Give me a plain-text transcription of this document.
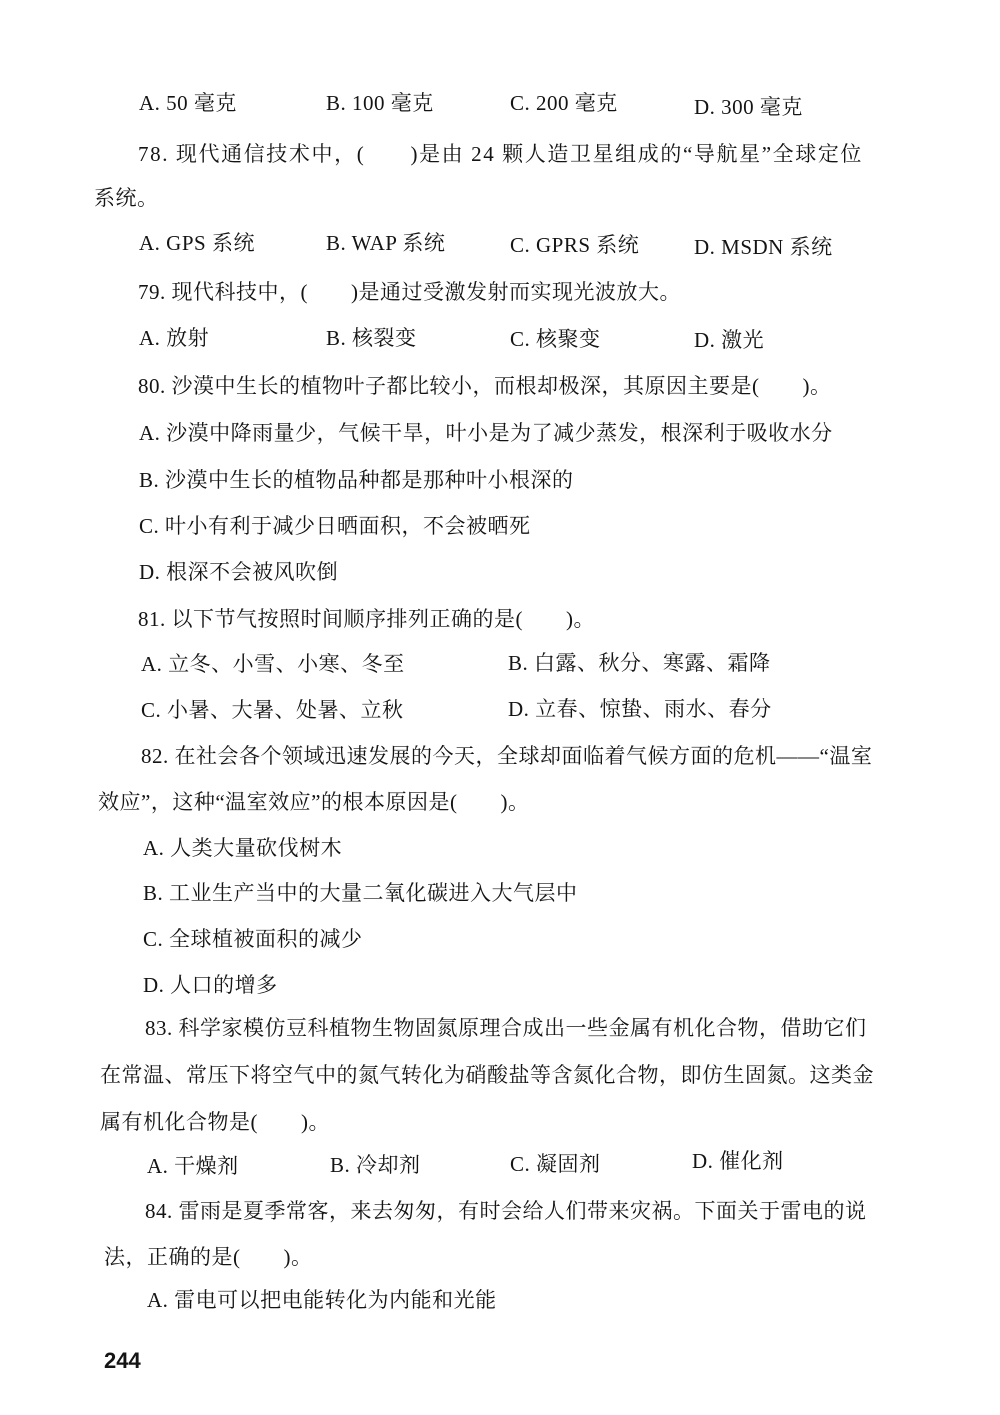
A. 50 毫克	B. 100 毫克	C. 200 毫克	D. 300 毫克
78. 现代通信技术中，(　　)是由 24 颗人造卫星组成的“导航星”全球定位
系统。
A. GPS 系统	B. WAP 系统	C. GPRS 系统	D. MSDN 系统
79. 现代科技中，(　　)是通过受激发射而实现光波放大。
A. 放射	B. 核裂变	C. 核聚变	D. 激光
80. 沙漠中生长的植物叶子都比较小，而根却极深，其原因主要是(　　)。
A. 沙漠中降雨量少，气候干旱，叶小是为了减少蒸发，根深利于吸收水分
B. 沙漠中生长的植物品种都是那种叶小根深的
C. 叶小有利于减少日晒面积，不会被晒死
D. 根深不会被风吹倒
81. 以下节气按照时间顺序排列正确的是(　　)。
A. 立冬、小雪、小寒、冬至	B. 白露、秋分、寒露、霜降
C. 小暑、大暑、处暑、立秋	D. 立春、惊蛰、雨水、春分
82. 在社会各个领域迅速发展的今天，全球却面临着气候方面的危机——“温室
效应”，这种“温室效应”的根本原因是(　　)。
A. 人类大量砍伐树木
B. 工业生产当中的大量二氧化碳进入大气层中
C. 全球植被面积的减少
D. 人口的增多
83. 科学家模仿豆科植物生物固氮原理合成出一些金属有机化合物，借助它们
在常温、常压下将空气中的氮气转化为硝酸盐等含氮化合物，即仿生固氮。这类金
属有机化合物是(　　)。
A. 干燥剂	B. 冷却剂	C. 凝固剂	D. 催化剂
84. 雷雨是夏季常客，来去匆匆，有时会给人们带来灾祸。下面关于雷电的说
法，正确的是(　　)。
A. 雷电可以把电能转化为内能和光能
244
